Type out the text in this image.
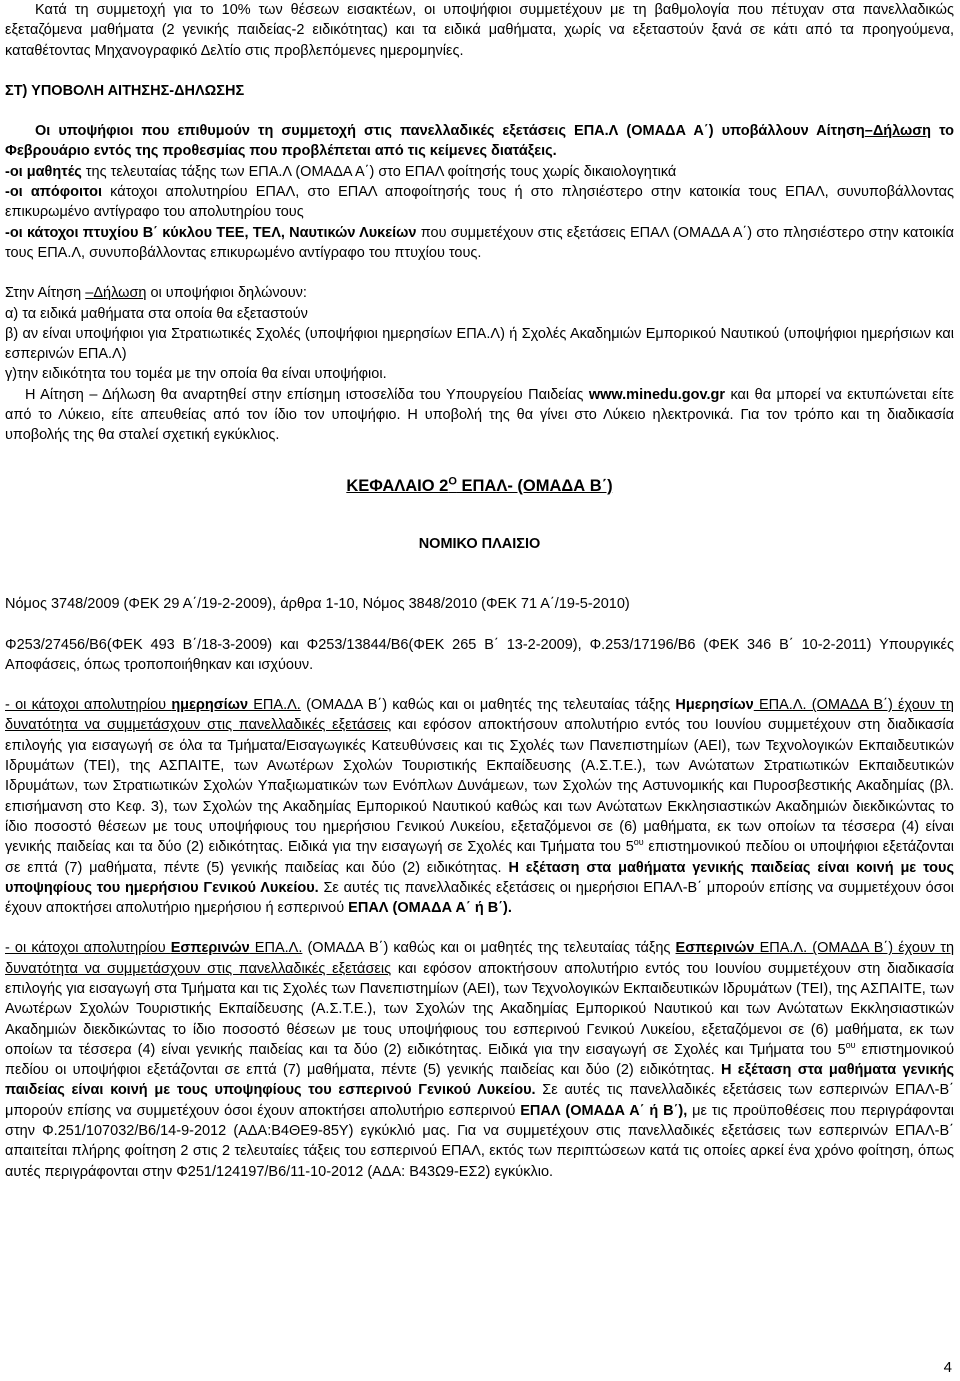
Κατά τη συμμετοχή για το 10% των θέσεων εισακτέων, οι υποψήφιοι συμμετέχουν με τη βαθμολογία που πέτυχαν στα πανελλαδικώς εξεταζόμενα μαθήματα (2 γενικής παιδείας-2 ειδικότητας) και τα ειδικά μαθήματα, χωρίς να εξεταστούν ξανά σε κάτι από τα προηγούμενα, καταθέτοντας Μηχανογραφικό Δελτίο στις προβλεπόμενες ημερομηνίες.

ΣΤ) ΥΠΟΒΟΛΗ ΑΙΤΗΣΗΣ-ΔΗΛΩΣΗΣ

Οι υποψήφιοι που επιθυμούν τη συμμετοχή στις πανελλαδικές εξετάσεις ΕΠΑ.Λ (ΟΜΑΔΑ Α΄) υποβάλλουν Αίτηση–Δήλωση το Φεβρουάριο εντός της προθεσμίας που προβλέπεται από τις κείμενες διατάξεις.

-οι μαθητές της τελευταίας τάξης των ΕΠΑ.Λ (ΟΜΑΔΑ Α΄) στο ΕΠΑΛ φοίτησής τους χωρίς δικαιολογητικά

-οι απόφοιτοι κάτοχοι απολυτηρίου ΕΠΑΛ, στο ΕΠΑΛ αποφοίτησής τους ή στο πλησιέστερο στην κατοικία τους ΕΠΑΛ, συνυποβάλλοντας επικυρωμένο αντίγραφο του απολυτηρίου τους

-οι κάτοχοι πτυχίου Β΄ κύκλου ΤΕΕ, ΤΕΛ, Ναυτικών Λυκείων που συμμετέχουν στις εξετάσεις ΕΠΑΛ (ΟΜΑΔΑ Α΄) στο πλησιέστερο στην κατοικία τους ΕΠΑ.Λ, συνυποβάλλοντας επικυρωμένο αντίγραφο του πτυχίου τους.

Στην Αίτηση –Δήλωση οι υποψήφιοι δηλώνουν:

α) τα ειδικά μαθήματα στα οποία θα εξεταστούν

β) αν είναι υποψήφιοι για Στρατιωτικές Σχολές (υποψήφιοι ημερησίων ΕΠΑ.Λ) ή Σχολές Ακαδημιών Εμπορικού Ναυτικού (υποψήφιοι ημερήσιων και εσπερινών ΕΠΑ.Λ)

γ)την ειδικότητα του τομέα με την οποία θα είναι υποψήφιοι.

Η Αίτηση – Δήλωση θα αναρτηθεί στην επίσημη ιστοσελίδα του Υπουργείου Παιδείας www.minedu.gov.gr και θα μπορεί να εκτυπώνεται είτε από το Λύκειο, είτε απευθείας από τον ίδιο τον υποψήφιο. Η υποβολή της θα γίνει στο Λύκειο ηλεκτρονικά. Για τον τρόπο και τη διαδικασία υποβολής της θα σταλεί σχετική εγκύκλιος.

ΚΕΦΑΛΑΙΟ $2^O$ ΕΠΑΛ- (ΟΜΑΔΑ Β΄)

ΝΟΜΙΚΟ ΠΛΑΙΣΙΟ

Νόμος 3748/2009 (ΦΕΚ 29 Α΄/19-2-2009), άρθρα 1-10, Νόμος 3848/2010 (ΦΕΚ 71 Α΄/19-5-2010)

Φ253/27456/Β6(ΦΕΚ 493 Β΄/18-3-2009) και Φ253/13844/Β6(ΦΕΚ 265 Β΄ 13-2-2009), Φ.253/17196/Β6 (ΦΕΚ 346 Β΄ 10-2-2011) Υπουργικές Αποφάσεις, όπως τροποποιήθηκαν και ισχύουν.

- οι κάτοχοι απολυτηρίου ημερησίων ΕΠΑ.Λ. (ΟΜΑΔΑ Β΄) καθώς και οι μαθητές της τελευταίας τάξης Ημερησίων ΕΠΑ.Λ. (ΟΜΑΔΑ Β΄) έχουν τη δυνατότητα να συμμετάσχουν στις πανελλαδικές εξετάσεις και εφόσον αποκτήσουν απολυτήριο εντός του Ιουνίου συμμετέχουν στη διαδικασία επιλογής για εισαγωγή σε όλα τα Τμήματα/Εισαγωγικές Κατευθύνσεις και τις Σχολές των Πανεπιστημίων (ΑΕΙ), των Τεχνολογικών Εκπαιδευτικών Ιδρυμάτων (ΤΕΙ), της ΑΣΠΑΙΤΕ, των Ανωτέρων Σχολών Τουριστικής Εκπαίδευσης (Α.Σ.Τ.Ε.), των Ανώτατων Στρατιωτικών Εκπαιδευτικών Ιδρυμάτων, των Στρατιωτικών Σχολών Υπαξιωματικών των Ενόπλων Δυνάμεων, των Σχολών της Αστυνομικής και Πυροσβεστικής Ακαδημίας (βλ. επισήμανση στο Κεφ. 3), των Σχολών της Ακαδημίας Εμπορικού Ναυτικού καθώς και των Ανώτατων Εκκλησιαστικών Ακαδημιών διεκδικώντας το ίδιο ποσοστό θέσεων με τους υποψήφιους του ημερήσιου Γενικού Λυκείου, εξεταζόμενοι σε (6) μαθήματα, εκ των οποίων τα τέσσερα (4) είναι γενικής παιδείας και τα δύο (2) ειδικότητας. Ειδικά για την εισαγωγή σε Σχολές και Τμήματα του $5^{o\upsilon}$ επιστημονικού πεδίου οι υποψήφιοι εξετάζονται σε επτά (7) μαθήματα, πέντε (5) γενικής παιδείας και δύο (2) ειδικότητας. Η εξέταση στα μαθήματα γενικής παιδείας είναι κοινή με τους υποψηφίους του ημερήσιου Γενικού Λυκείου. Σε αυτές τις πανελλαδικές εξετάσεις οι ημερήσιοι ΕΠΑΛ-Β΄ μπορούν επίσης να συμμετέχουν όσοι έχουν αποκτήσει απολυτήριο ημερήσιου ή εσπερινού ΕΠΑΛ (ΟΜΑΔΑ Α΄ ή Β΄).

- οι κάτοχοι απολυτηρίου Εσπερινών ΕΠΑ.Λ. (ΟΜΑΔΑ Β΄) καθώς και οι μαθητές της τελευταίας τάξης Εσπερινών ΕΠΑ.Λ. (ΟΜΑΔΑ Β΄) έχουν τη δυνατότητα να συμμετάσχουν στις πανελλαδικές εξετάσεις και εφόσον αποκτήσουν απολυτήριο εντός του Ιουνίου συμμετέχουν στη διαδικασία επιλογής για εισαγωγή στα Τμήματα και τις Σχολές των Πανεπιστημίων (ΑΕΙ), των Τεχνολογικών Εκπαιδευτικών Ιδρυμάτων (ΤΕΙ), της ΑΣΠΑΙΤΕ, των Ανωτέρων Σχολών Τουριστικής Εκπαίδευσης (Α.Σ.Τ.Ε.), των Σχολών της Ακαδημίας Εμπορικού Ναυτικού και των Ανώτατων Εκκλησιαστικών Ακαδημιών διεκδικώντας το ίδιο ποσοστό θέσεων με τους υποψήφιους του εσπερινού Γενικού Λυκείου, εξεταζόμενοι σε (6) μαθήματα, εκ των οποίων τα τέσσερα (4) είναι γενικής παιδείας και τα δύο (2) ειδικότητας. Ειδικά για την εισαγωγή σε Σχολές και Τμήματα του $5^{o\upsilon}$ επιστημονικού πεδίου οι υποψήφιοι εξετάζονται σε επτά (7) μαθήματα, πέντε (5) γενικής παιδείας και δύο (2) ειδικότητας. Η εξέταση στα μαθήματα γενικής παιδείας είναι κοινή με τους υποψηφίους του εσπερινού Γενικού Λυκείου. Σε αυτές τις πανελλαδικές εξετάσεις των εσπερινών ΕΠΑΛ-Β΄ μπορούν επίσης να συμμετέχουν όσοι έχουν αποκτήσει απολυτήριο εσπερινού ΕΠΑΛ (ΟΜΑΔΑ Α΄ ή Β΄), με τις προϋποθέσεις που περιγράφονται στην Φ.251/107032/Β6/14-9-2012 (ΑΔΑ:Β4ΘΕ9-85Υ) εγκύκλιό μας. Για να συμμετέχουν στις πανελλαδικές εξετάσεις των εσπερινών ΕΠΑΛ-Β΄ απαιτείται πλήρης φοίτηση 2 στις 2 τελευταίες τάξεις του εσπερινού ΕΠΑΛ, εκτός των περιπτώσεων κατά τις οποίες αρκεί ένα χρόνο φοίτηση, όπως αυτές περιγράφονται στην Φ251/124197/Β6/11-10-2012 (ΑΔΑ: Β43Ω9-ΕΣ2) εγκύκλιο.

4
